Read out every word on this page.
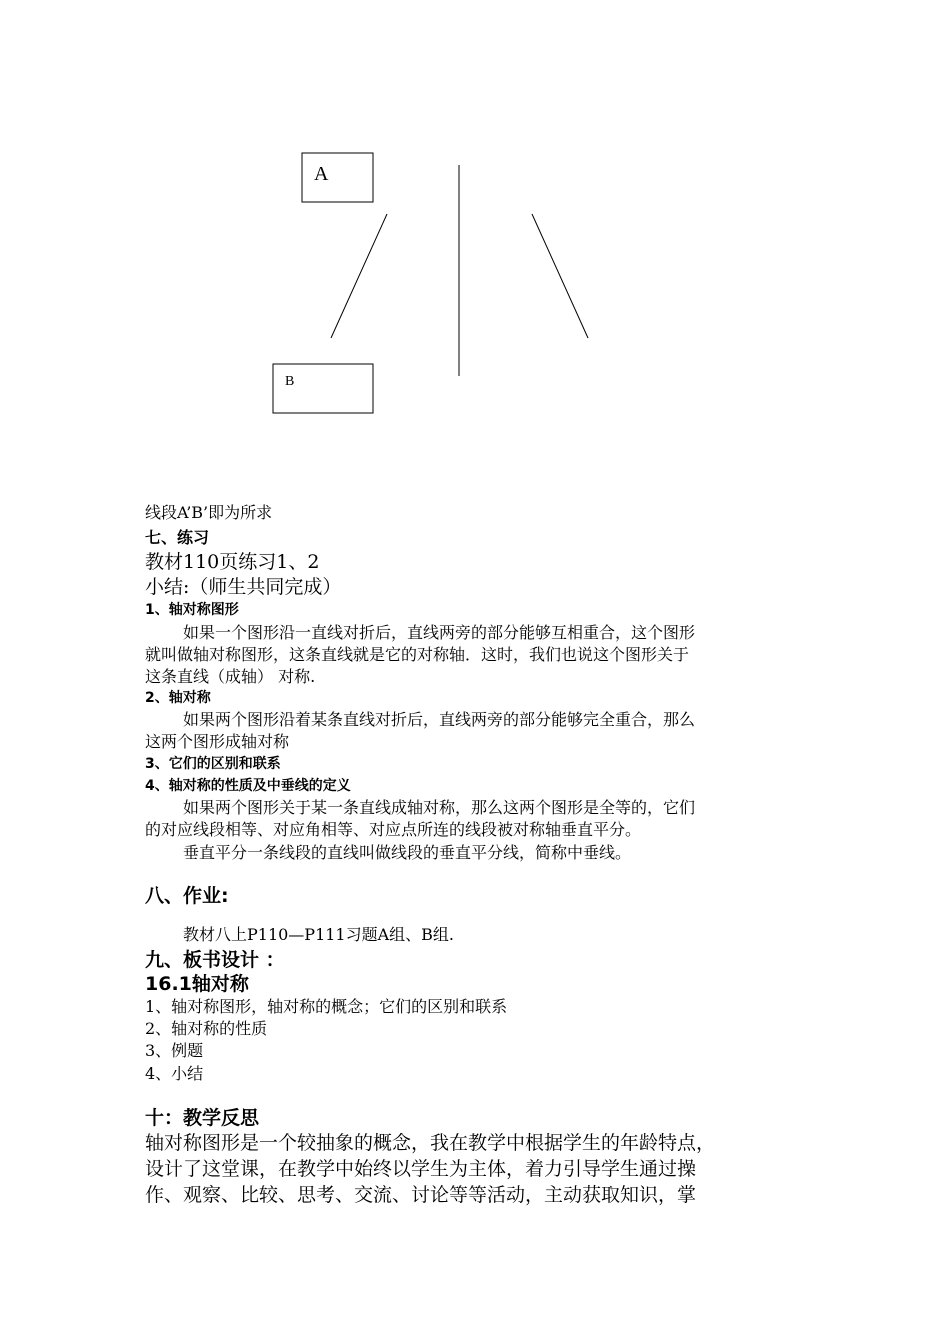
A
B
线段A’B’即为所求
七、练习
教材110页练习1、2
小结:（师生共同完成）
1、轴对称图形
如果一个图形沿一直线对折后，直线两旁的部分能够互相重合，这个图形
就叫做轴对称图形，这条直线就是它的对称轴．这时，我们也说这个图形关于
这条直线（成轴） 对称.
2、轴对称
如果两个图形沿着某条直线对折后，直线两旁的部分能够完全重合，那么
这两个图形成轴对称
3、它们的区别和联系
4、轴对称的性质及中垂线的定义
如果两个图形关于某一条直线成轴对称，那么这两个图形是全等的，它们
的对应线段相等、对应角相等、对应点所连的线段被对称轴垂直平分。
垂直平分一条线段的直线叫做线段的垂直平分线，简称中垂线。
八、作业:
教材八上P110—P111习题A组、B组.
九、板书设计 ：
16.1轴对称
1、轴对称图形，轴对称的概念；它们的区别和联系
2、轴对称的性质
3、例题
4、小结
十：教学反思
轴对称图形是一个较抽象的概念，我在教学中根据学生的年龄特点，
设计了这堂课，在教学中始终以学生为主体，着力引导学生通过操
作、观察、比较、思考、交流、讨论等等活动，主动获取知识，掌
